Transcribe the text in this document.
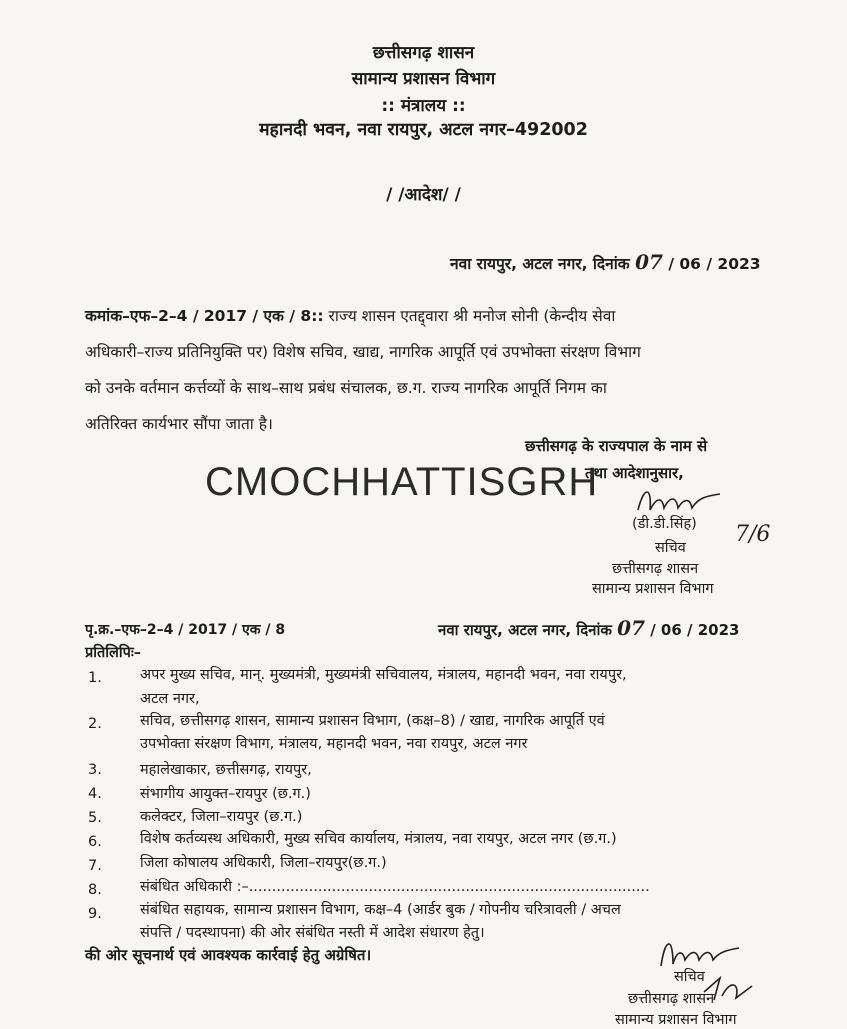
छत्तीसगढ़ शासन
सामान्य प्रशासन विभाग
:: मंत्रालय ::
महानदी भवन, नवा रायपुर, अटल नगर–492002
/ /आदेश/ /
नवा रायपुर, अटल नगर, दिनांक 07 / 06 / 2023
कमांक–एफ–2–4 / 2017 / एक / 8:: राज्य शासन एतद्द्वारा श्री मनोज सोनी (केन्दीय सेवा
अधिकारी–राज्य प्रतिनियुक्ति पर) विशेष सचिव, खाद्य, नागरिक आपूर्ति एवं उपभोक्ता संरक्षण विभाग
को उनके वर्तमान कर्त्तव्यों के साथ–साथ प्रबंध संचालक, छ.ग. राज्य नागरिक आपूर्ति निगम का
अतिरिक्त कार्यभार सौंपा जाता है।
छत्तीसगढ़ के राज्यपाल के नाम से
तथा आदेशानुसार,
CMOCHHATTISGRH
(डी.डी.सिंह)
सचिव
7/6
छत्तीसगढ़ शासन
सामान्य प्रशासन विभाग
पृ.क्र.–एफ–2–4 / 2017 / एक / 8	नवा रायपुर, अटल नगर, दिनांक 07 / 06 / 2023
प्रतिलिपिः–
1.	अपर मुख्य सचिव, मान्. मुख्यमंत्री, मुख्यमंत्री सचिवालय, मंत्रालय, महानदी भवन, नवा रायपुर,
अटल नगर,
2.	सचिव, छत्तीसगढ़ शासन, सामान्य प्रशासन विभाग, (कक्ष–8) / खाद्य, नागरिक आपूर्ति एवं
उपभोक्ता संरक्षण विभाग, मंत्रालय, महानदी भवन, नवा रायपुर, अटल नगर
3.	महालेखाकार, छत्तीसगढ़, रायपुर,
4.	संभागीय आयुक्त–रायपुर (छ.ग.)
5.	कलेक्टर, जिला–रायपुर (छ.ग.)
6.	विशेष कर्तव्यस्थ अधिकारी, मुख्य सचिव कार्यालय, मंत्रालय, नवा रायपुर, अटल नगर (छ.ग.)
7.	जिला कोषालय अधिकारी, जिला–रायपुर(छ.ग.)
8.	संबंधित अधिकारी :–.......................................................................................
9.	संबंधित सहायक, सामान्य प्रशासन विभाग, कक्ष–4 (आर्डर बुक / गोपनीय चरित्रावली / अचल
संपत्ति / पदस्थापना) की ओर संबंधित नस्ती में आदेश संधारण हेतु।
की ओर सूचनार्थ एवं आवश्यक कार्रवाई हेतु अग्रेषित।
सचिव
छत्तीसगढ़ शासन
सामान्य प्रशासन विभाग
